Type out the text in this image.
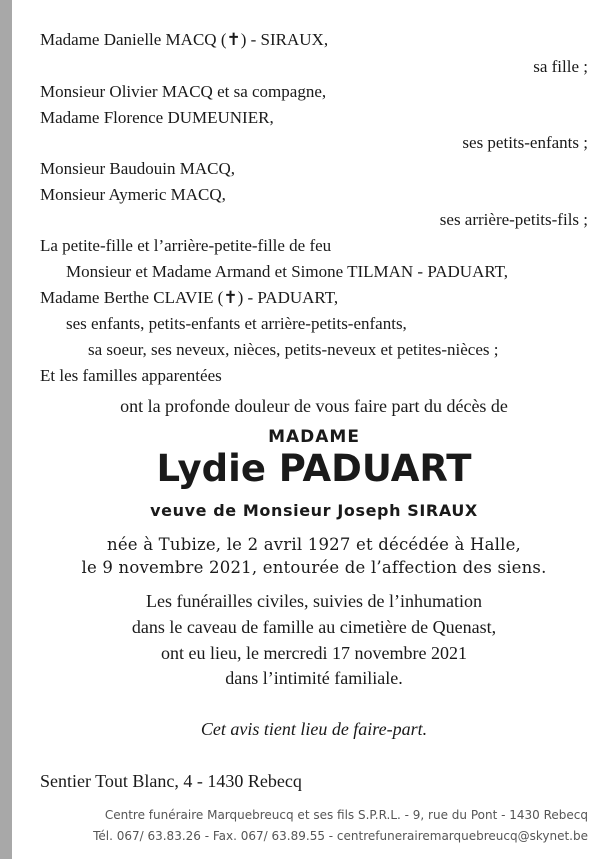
Madame Danielle MACQ (✝) - SIRAUX,
sa fille ;
Monsieur Olivier MACQ et sa compagne,
Madame Florence DUMEUNIER,
ses petits-enfants ;
Monsieur Baudouin MACQ,
Monsieur Aymeric MACQ,
ses arrière-petits-fils ;
La petite-fille et l’arrière-petite-fille de feu
Monsieur et Madame Armand et Simone TILMAN - PADUART,
Madame Berthe CLAVIE (✝) - PADUART,
ses enfants, petits-enfants et arrière-petits-enfants,
sa soeur, ses neveux, nièces, petits-neveux et petites-nièces ;
Et les familles apparentées
ont la profonde douleur de vous faire part du décès de
MADAME
Lydie PADUART
veuve de Monsieur Joseph SIRAUX
née à Tubize, le 2 avril 1927 et décédée à Halle,
le 9 novembre 2021, entourée de l’affection des siens.
Les funérailles civiles, suivies de l’inhumation
dans le caveau de famille au cimetière de Quenast,
ont eu lieu, le mercredi 17 novembre 2021
dans l’intimité familiale.
Cet avis tient lieu de faire-part.
Sentier Tout Blanc, 4 - 1430 Rebecq
Centre funéraire Marquebreucq et ses fils S.P.R.L. - 9, rue du Pont - 1430 Rebecq
Tél. 067/ 63.83.26 - Fax. 067/ 63.89.55 - centrefunerairemarquebreucq@skynet.be
